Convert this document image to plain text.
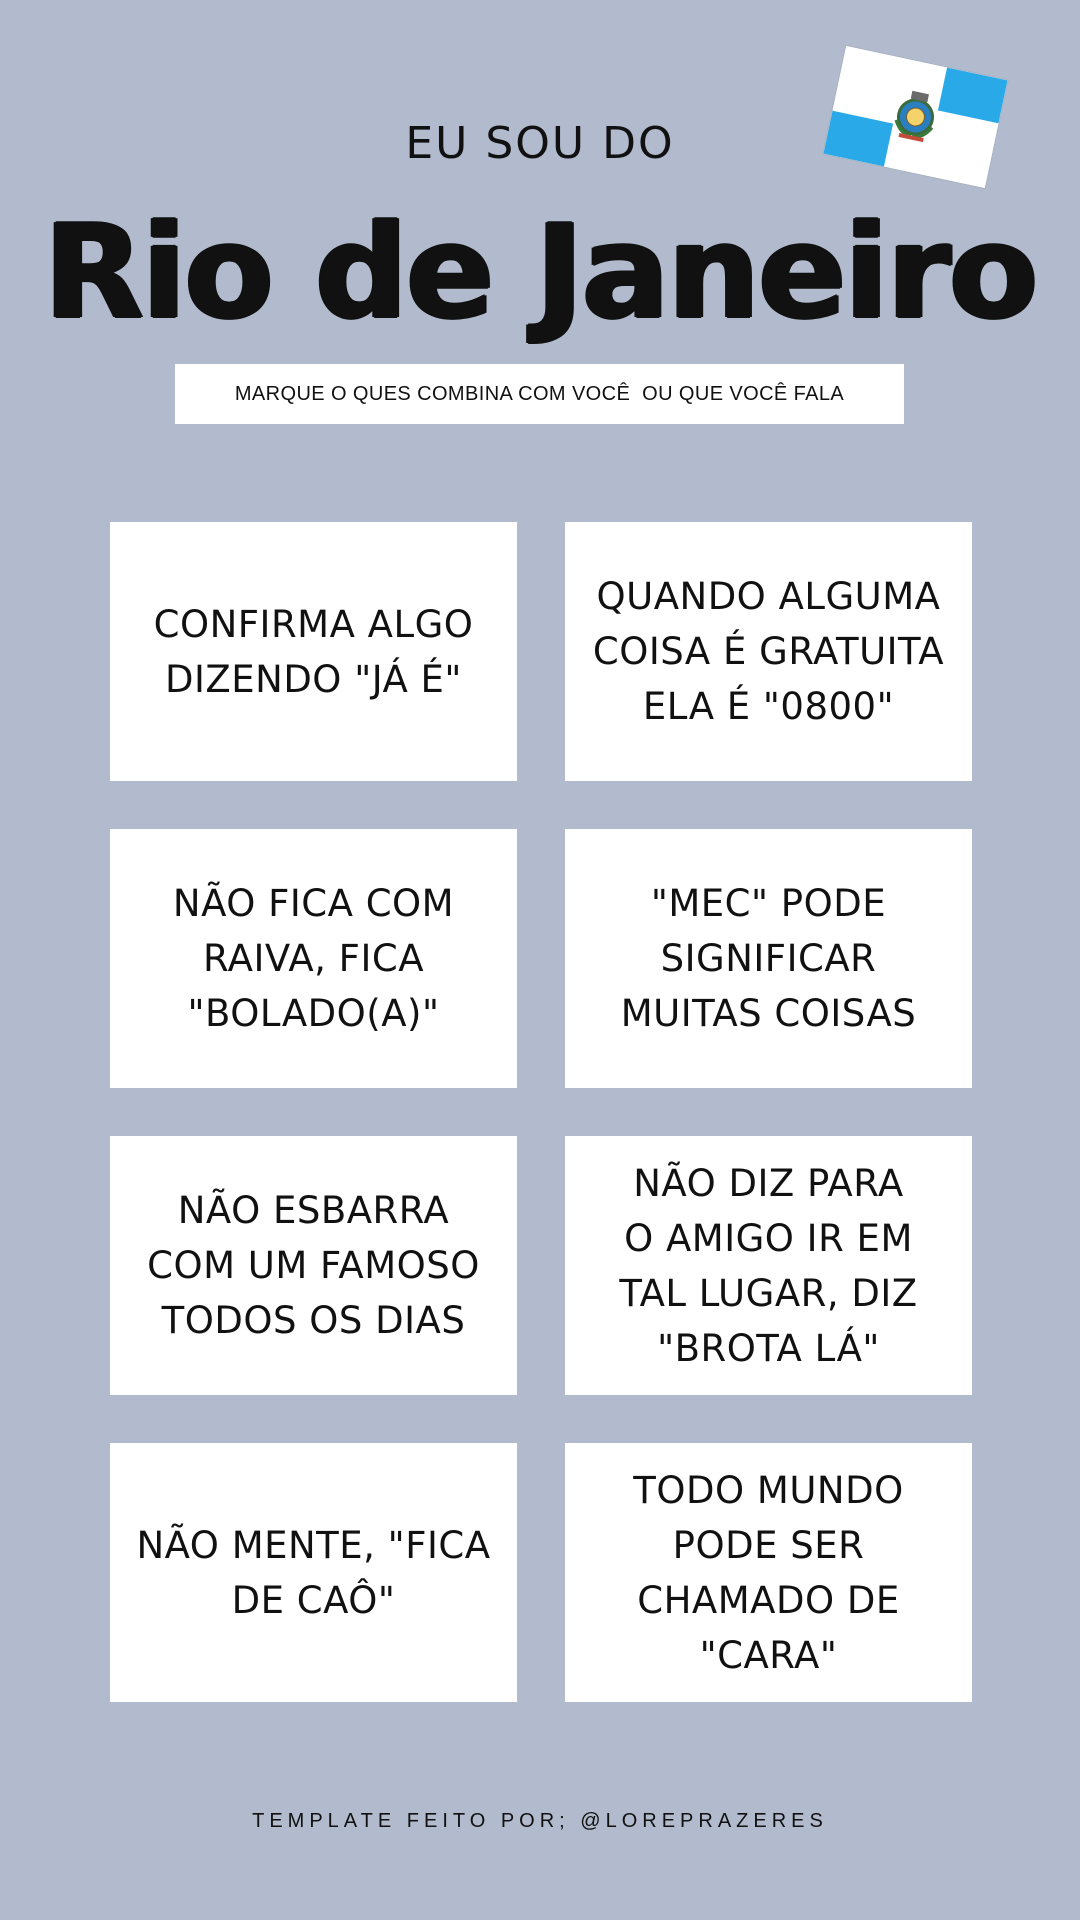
EU SOU DO
Rio de Janeiro
MARQUE O QUES COMBINA COM VOCÊ  OU QUE VOCÊ FALA
CONFIRMA ALGO
DIZENDO "JÁ É"
QUANDO ALGUMA
COISA É GRATUITA
ELA É "0800"
NÃO FICA COM
RAIVA, FICA
"BOLADO(A)"
"MEC" PODE
SIGNIFICAR
MUITAS COISAS
NÃO ESBARRA
COM UM FAMOSO
TODOS OS DIAS
NÃO DIZ PARA
O AMIGO IR EM
TAL LUGAR, DIZ
"BROTA LÁ"
NÃO MENTE, "FICA
DE CAÔ"
TODO MUNDO
PODE SER
CHAMADO DE
"CARA"
TEMPLATE FEITO POR; @LOREPRAZERES
